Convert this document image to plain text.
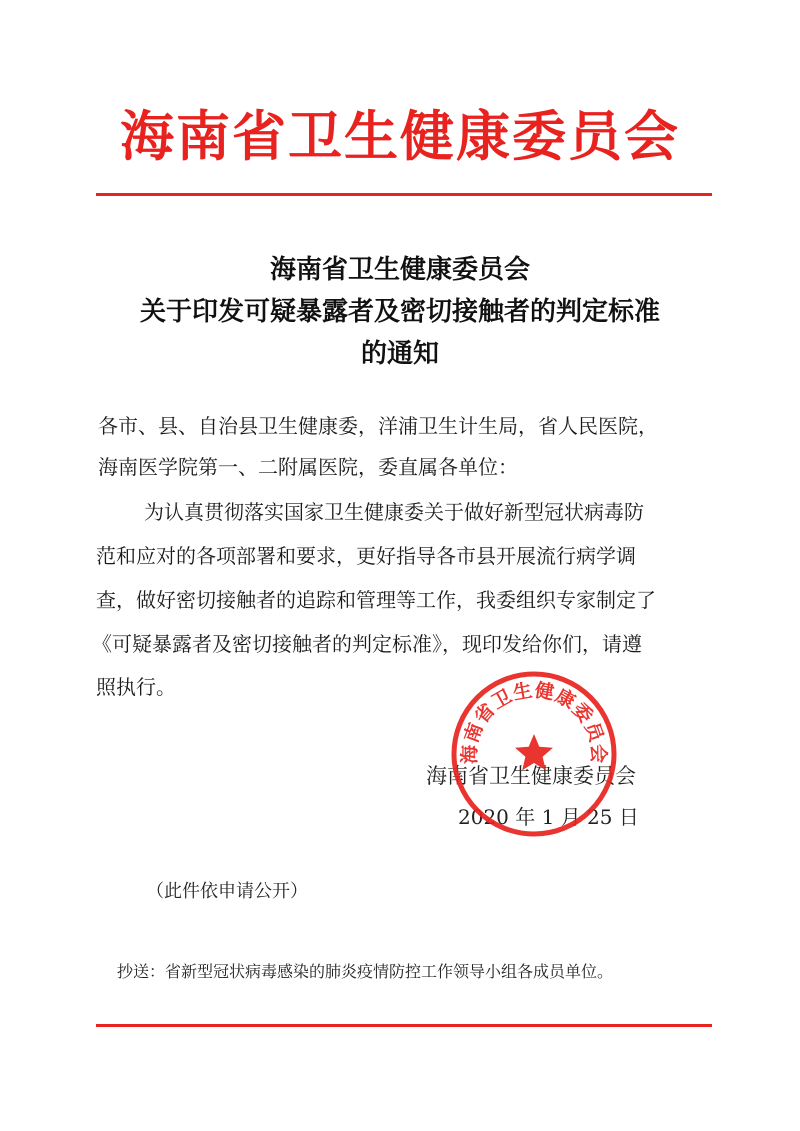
海南省卫生健康委员会
海南省卫生健康委员会
关于印发可疑暴露者及密切接触者的判定标准
的通知
各市、县、自治县卫生健康委，洋浦卫生计生局，省人民医院，
海南医学院第一、二附属医院，委直属各单位：
为认真贯彻落实国家卫生健康委关于做好新型冠状病毒防
范和应对的各项部署和要求，更好指导各市县开展流行病学调
查，做好密切接触者的追踪和管理等工作，我委组织专家制定了
《可疑暴露者及密切接触者的判定标准》，现印发给你们，请遵
照执行。
海南省卫生健康委员会
2020 年 1 月 25 日
海南省卫生健康委员会
（此件依申请公开）
抄送：省新型冠状病毒感染的肺炎疫情防控工作领导小组各成员单位。
